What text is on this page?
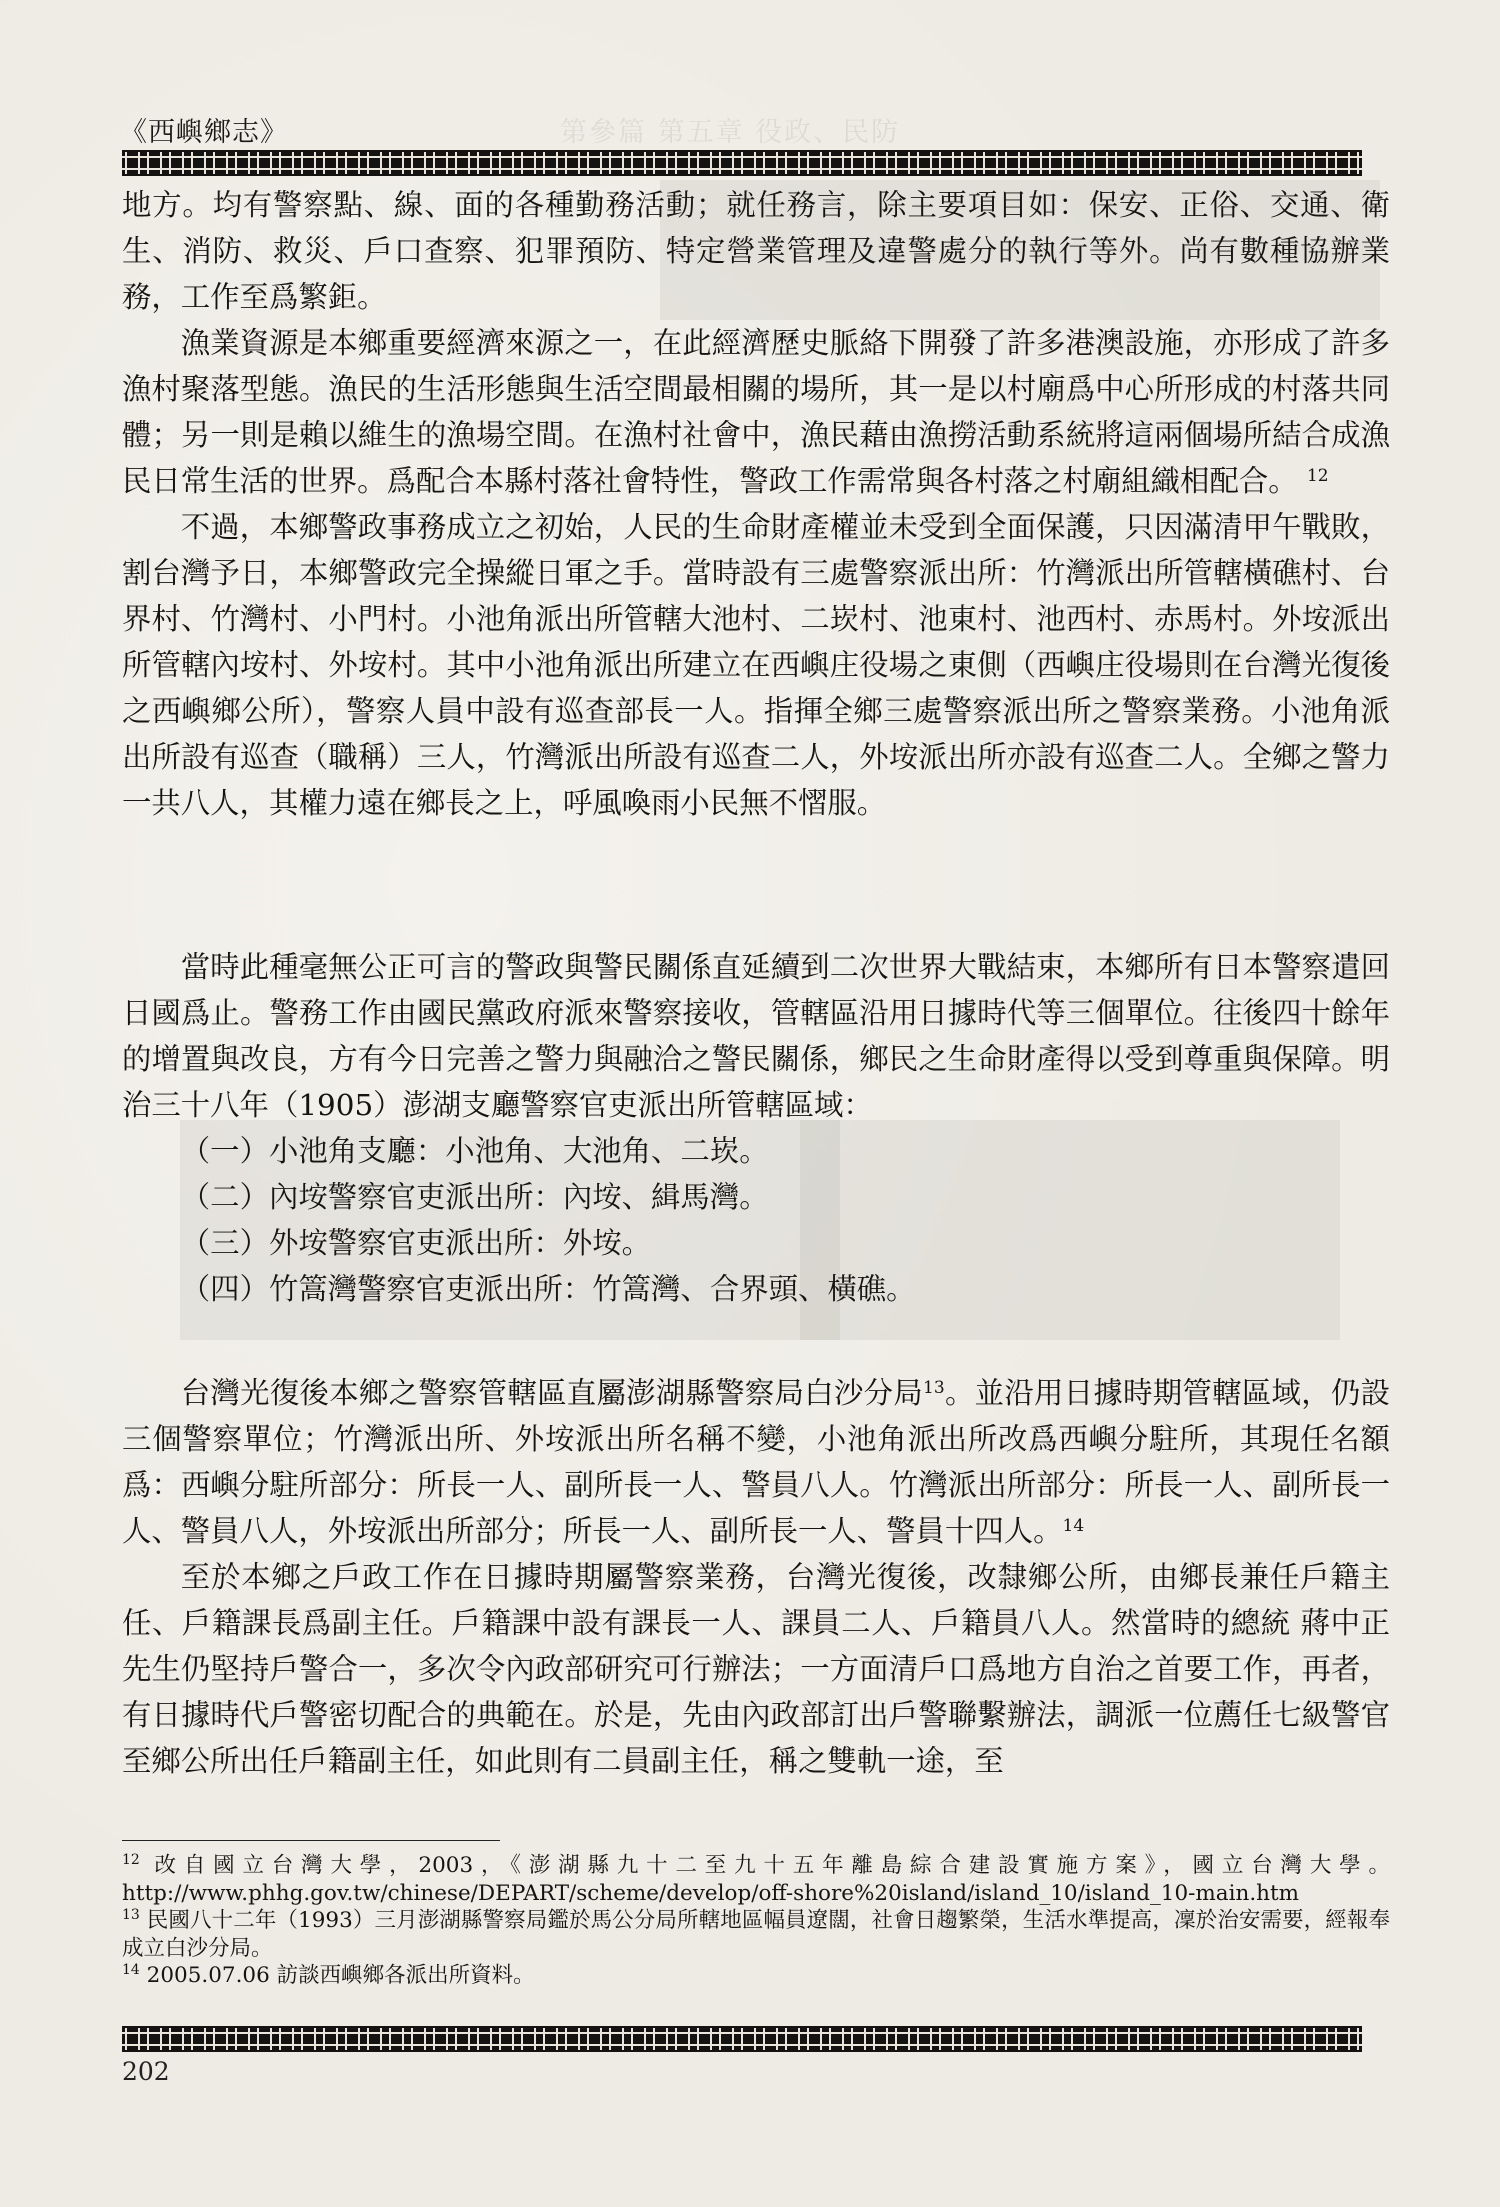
《西嶼鄉志》	第參篇 第五章 役政、民防

地方。均有警察點、線、面的各種勤務活動；就任務言，除主要項目如：保安、正俗、交通、衛生、消防、救災、戶口查察、犯罪預防、特定營業管理及違警處分的執行等外。尚有數種協辦業務，工作至爲繁鉅。

漁業資源是本鄉重要經濟來源之一，在此經濟歷史脈絡下開發了許多港澳設施，亦形成了許多漁村聚落型態。漁民的生活形態與生活空間最相關的場所，其一是以村廟爲中心所形成的村落共同體；另一則是賴以維生的漁場空間。在漁村社會中，漁民藉由漁撈活動系統將這兩個場所結合成漁民日常生活的世界。爲配合本縣村落社會特性，警政工作需常與各村落之村廟組織相配合。 $^{12}$

不過，本鄉警政事務成立之初始，人民的生命財產權並未受到全面保護，只因滿清甲午戰敗，割台灣予日，本鄉警政完全操縱日軍之手。當時設有三處警察派出所：竹灣派出所管轄橫礁村、台界村、竹灣村、小門村。小池角派出所管轄大池村、二崁村、池東村、池西村、赤馬村。外垵派出所管轄內垵村、外垵村。其中小池角派出所建立在西嶼庄役場之東側（西嶼庄役場則在台灣光復後之西嶼鄉公所），警察人員中設有巡查部長一人。指揮全鄉三處警察派出所之警察業務。小池角派出所設有巡查（職稱）三人，竹灣派出所設有巡查二人，外垵派出所亦設有巡查二人。全鄉之警力一共八人，其權力遠在鄉長之上，呼風喚雨小民無不慴服。

當時此種毫無公正可言的警政與警民關係直延續到二次世界大戰結束，本鄉所有日本警察遣回日國爲止。警務工作由國民黨政府派來警察接收，管轄區沿用日據時代等三個單位。往後四十餘年的增置與改良，方有今日完善之警力與融洽之警民關係，鄉民之生命財產得以受到尊重與保障。明治三十八年（1905）澎湖支廳警察官吏派出所管轄區域：

（一）小池角支廳：小池角、大池角、二崁。

（二）內垵警察官吏派出所：內垵、緝馬灣。

（三）外垵警察官吏派出所：外垵。

（四）竹篙灣警察官吏派出所：竹篙灣、合界頭、橫礁。

台灣光復後本鄉之警察管轄區直屬澎湖縣警察局白沙分局$^{13}$。並沿用日據時期管轄區域，仍設三個警察單位；竹灣派出所、外垵派出所名稱不變，小池角派出所改爲西嶼分駐所，其現任名額爲：西嶼分駐所部分：所長一人、副所長一人、警員八人。竹灣派出所部分：所長一人、副所長一人、警員八人，外垵派出所部分；所長一人、副所長一人、警員十四人。$^{14}$

至於本鄉之戶政工作在日據時期屬警察業務，台灣光復後，改隸鄉公所，由鄉長兼任戶籍主任、戶籍課長爲副主任。戶籍課中設有課長一人、課員二人、戶籍員八人。然當時的總統 蔣中正先生仍堅持戶警合一，多次令內政部研究可行辦法；一方面清戶口爲地方自治之首要工作，再者，有日據時代戶警密切配合的典範在。於是，先由內政部訂出戶警聯繫辦法，調派一位薦任七級警官至鄉公所出任戶籍副主任，如此則有二員副主任，稱之雙軌一途，至

$^{12}$ 改自國立台灣大學，2003，《澎湖縣九十二至九十五年離島綜合建設實施方案》，國立台灣大學。http://www.phhg.gov.tw/chinese/DEPART/scheme/develop/off-shore%20island/island_10/island_10-main.htm

$^{13}$ 民國八十二年（1993）三月澎湖縣警察局鑑於馬公分局所轄地區幅員遼闊，社會日趨繁榮，生活水準提高，凜於治安需要，經報奉成立白沙分局。

$^{14}$ 2005.07.06 訪談西嶼鄉各派出所資料。

202
